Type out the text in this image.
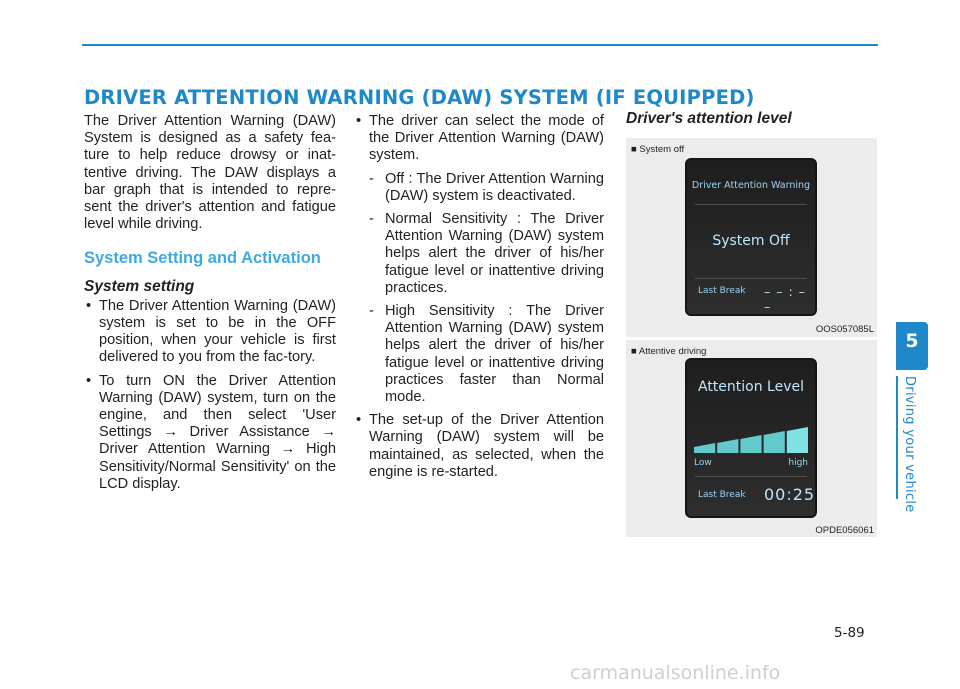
DRIVER ATTENTION WARNING (DAW) SYSTEM (IF EQUIPPED)

The Driver Attention Warning (DAW) System is designed as a safety fea-ture to help reduce drowsy or inat-tentive driving. The DAW displays a bar graph that is intended to repre-sent the driver's attention and fatigue level while driving.

System Setting and Activation
System setting
• The Driver Attention Warning (DAW) system is set to be in the OFF position, when your vehicle is first delivered to you from the fac-tory.
• To turn ON the Driver Attention Warning (DAW) system, turn on the engine, and then select 'User Settings → Driver Assistance → Driver Attention Warning → High Sensitivity/Normal Sensitivity' on the LCD display.
• The driver can select the mode of the Driver Attention Warning (DAW) system.
- Off : The Driver Attention Warning (DAW) system is deactivated.
- Normal Sensitivity : The Driver Attention Warning (DAW) system helps alert the driver of his/her fatigue level or inattentive driving practices.
- High Sensitivity : The Driver Attention Warning (DAW) system helps alert the driver of his/her fatigue level or inattentive driving practices faster than Normal mode.
• The set-up of the Driver Attention Warning (DAW) system will be maintained, as selected, when the engine is re-started.
Driver's attention level
■ System off
Driver Attention Warning
System Off
Last Break – – : – –
OOS057085L
■ Attentive driving
Attention Level
Low	high
Last Break 00:25
OPDE056061
5
Driving your vehicle
5-89
carmanualsonline.info
